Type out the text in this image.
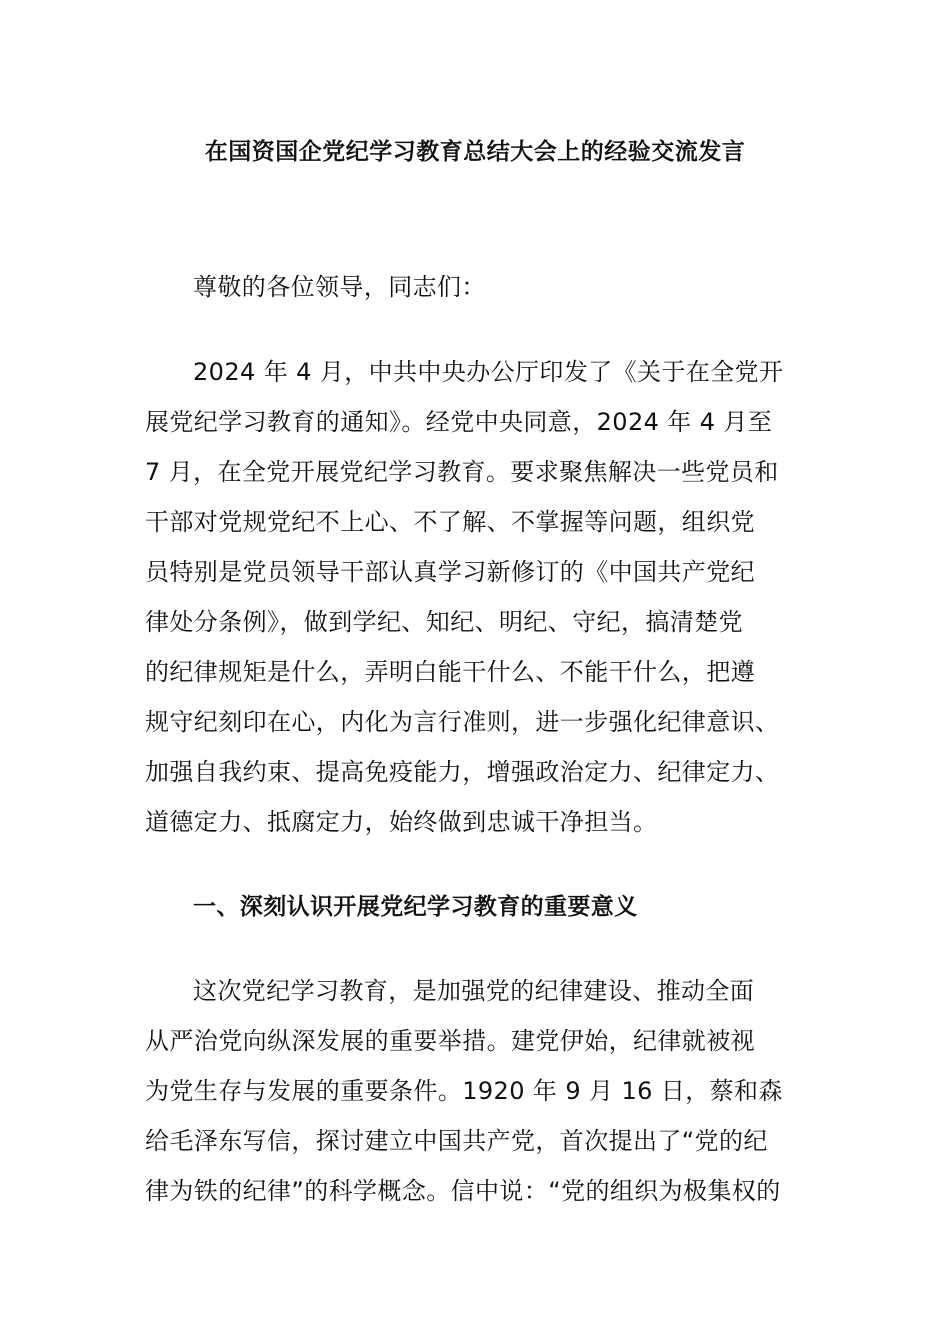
在国资国企党纪学习教育总结大会上的经验交流发言
尊敬的各位领导，同志们：
2024 年 4 月，中共中央办公厅印发了《关于在全党开
展党纪学习教育的通知》。经党中央同意，2024 年 4 月至
7 月，在全党开展党纪学习教育。要求聚焦解决一些党员和
干部对党规党纪不上心、不了解、不掌握等问题，组织党
员特别是党员领导干部认真学习新修订的《中国共产党纪
律处分条例》，做到学纪、知纪、明纪、守纪，搞清楚党
的纪律规矩是什么，弄明白能干什么、不能干什么，把遵
规守纪刻印在心，内化为言行准则，进一步强化纪律意识、
加强自我约束、提高免疫能力，增强政治定力、纪律定力、
道德定力、抵腐定力，始终做到忠诚干净担当。
一、深刻认识开展党纪学习教育的重要意义
这次党纪学习教育，是加强党的纪律建设、推动全面
从严治党向纵深发展的重要举措。建党伊始，纪律就被视
为党生存与发展的重要条件。1920 年 9 月 16 日，蔡和森
给毛泽东写信，探讨建立中国共产党，首次提出了“党的纪
律为铁的纪律”的科学概念。信中说：“党的组织为极集权的
